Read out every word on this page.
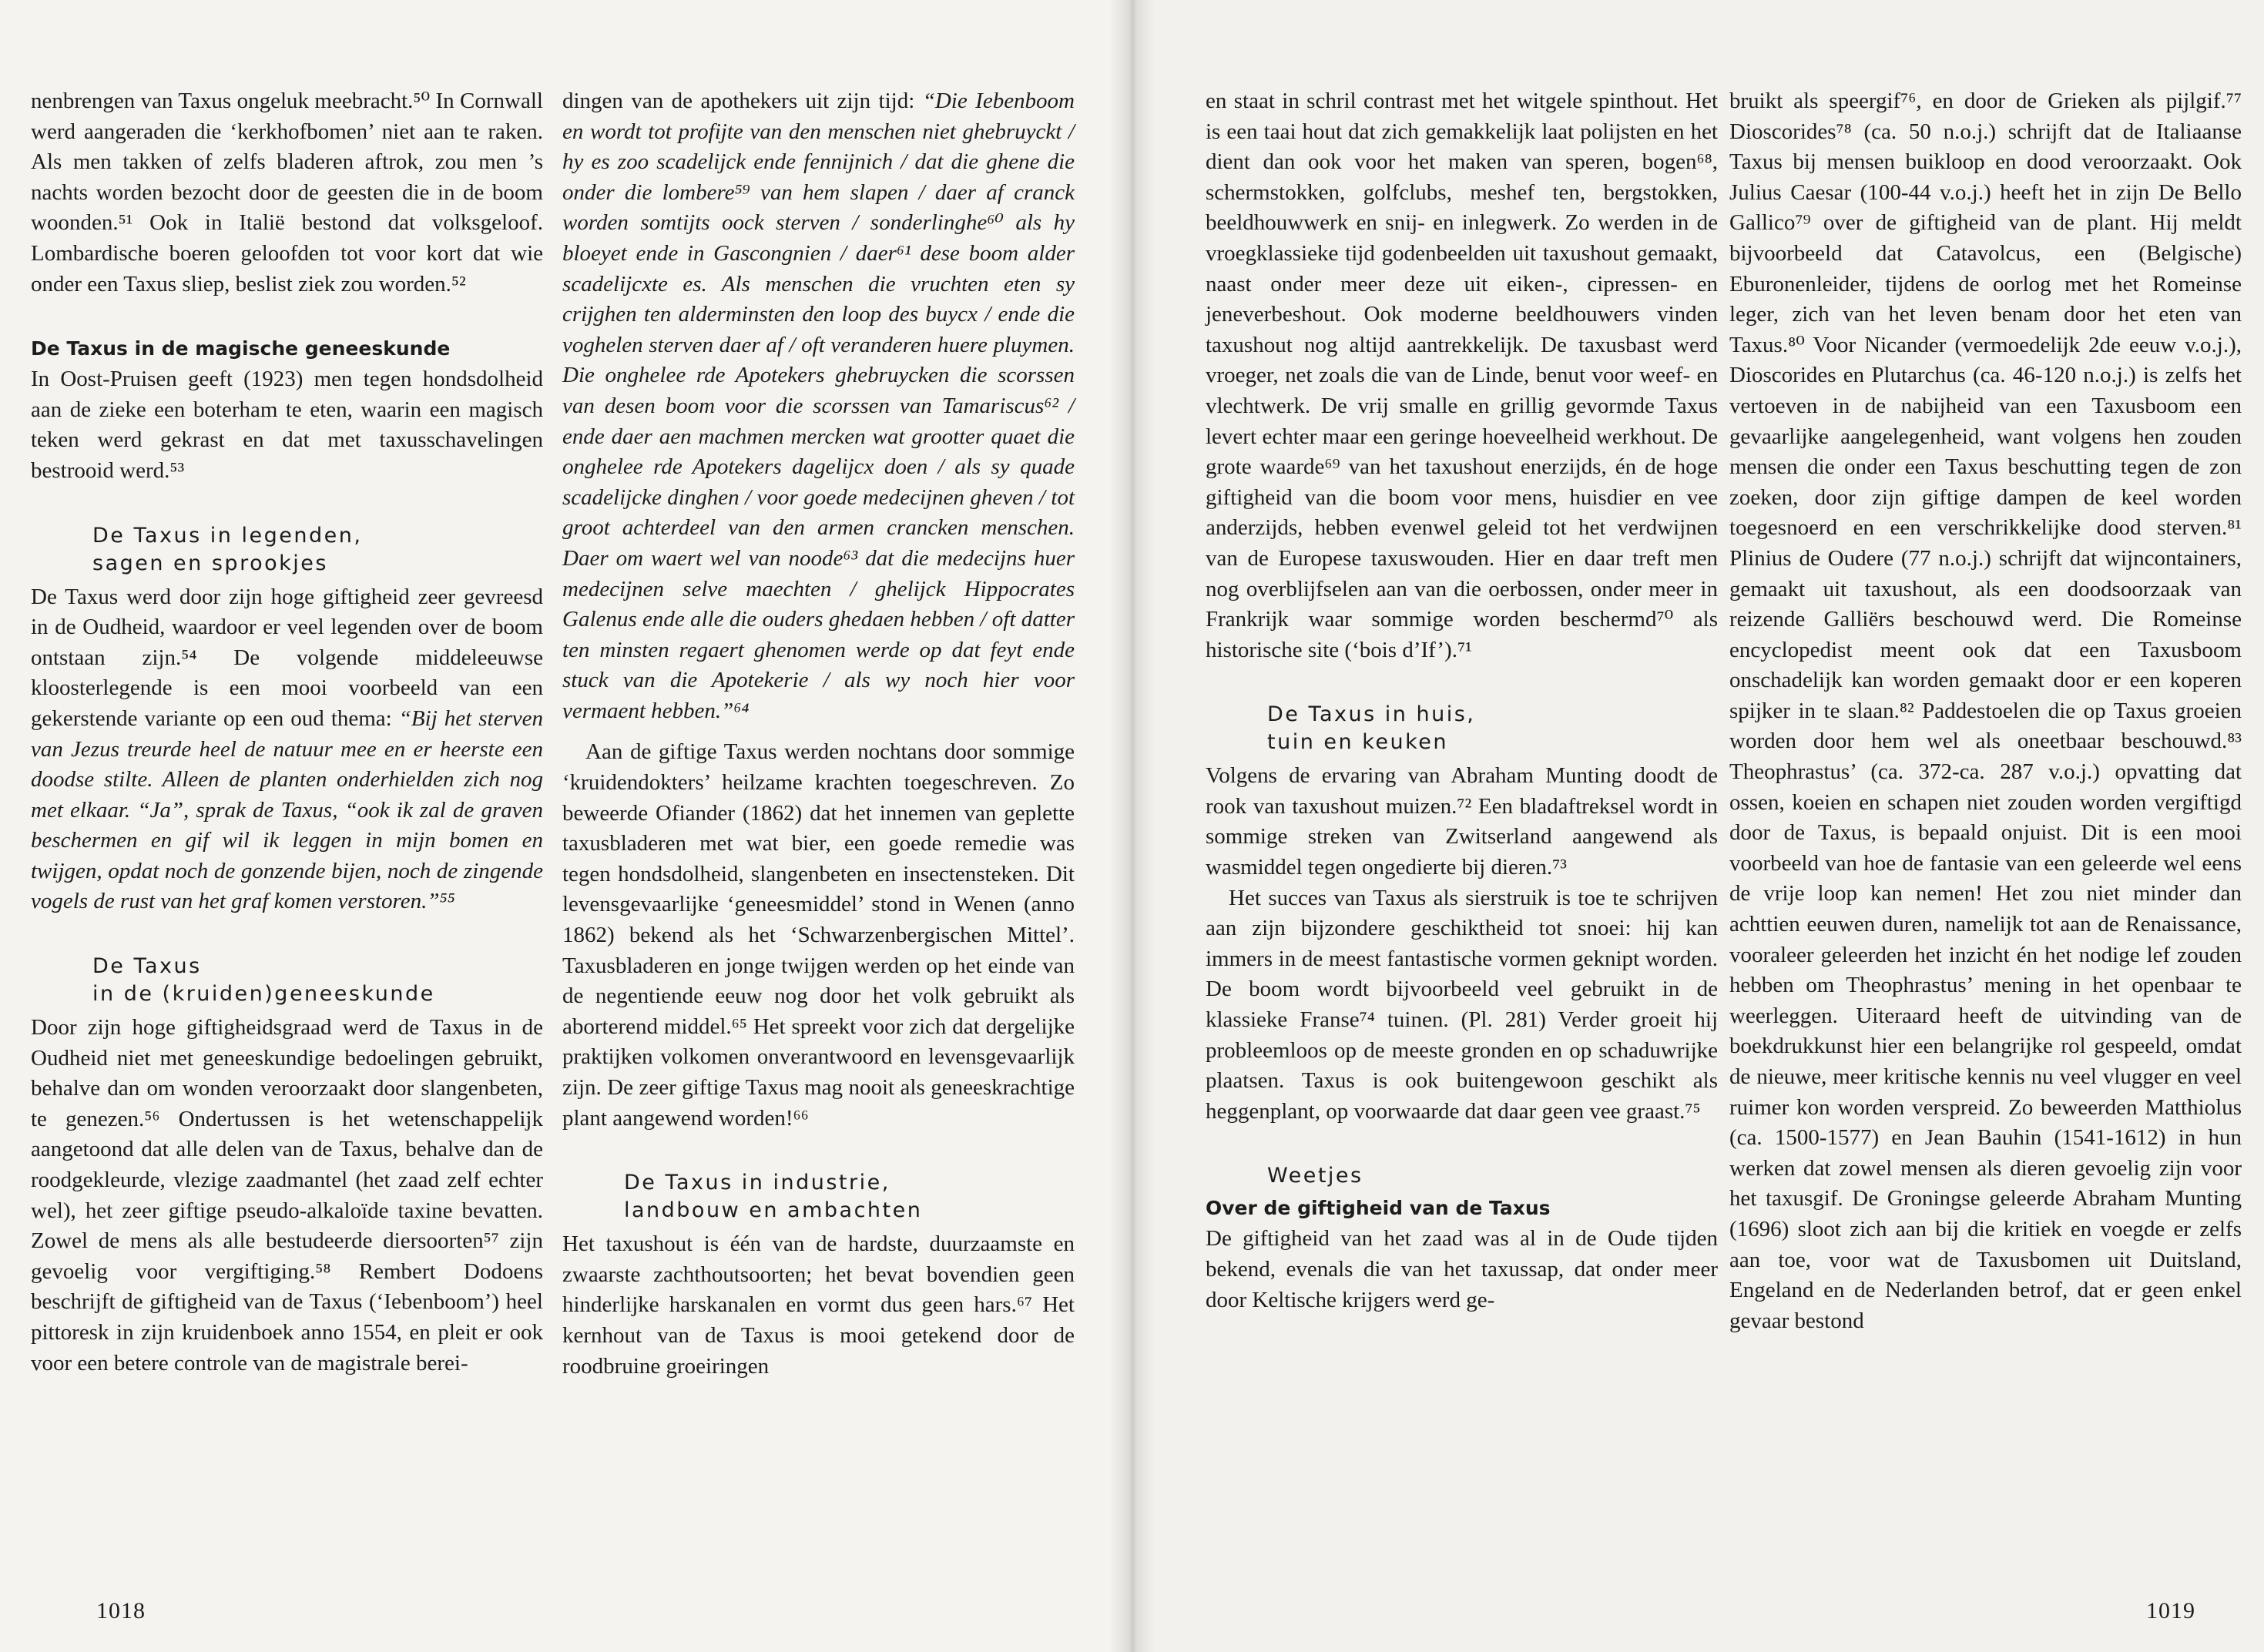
nenbrengen van Taxus ongeluk meebracht.⁵⁰ In Cornwall werd aangeraden die ‘kerkhofbomen’ niet aan te raken. Als men takken of zelfs bladeren aftrok, zou men ’s nachts worden bezocht door de geesten die in de boom woonden.⁵¹ Ook in Italië bestond dat volksgeloof. Lombardische boeren geloofden tot voor kort dat wie onder een Taxus sliep, beslist ziek zou worden.⁵²

De Taxus in de magische geneeskunde

In Oost-Pruisen geeft (1923) men tegen hondsdolheid aan de zieke een boterham te eten, waarin een magisch teken werd gekrast en dat met taxusschavelingen bestrooid werd.⁵³

De Taxus in legenden,
sagen en sprookjes

De Taxus werd door zijn hoge giftigheid zeer gevreesd in de Oudheid, waardoor er veel legenden over de boom ontstaan zijn.⁵⁴ De volgende middeleeuwse kloosterlegende is een mooi voorbeeld van een gekerstende variante op een oud thema: “Bij het sterven van Jezus treurde heel de natuur mee en er heerste een doodse stilte. Alleen de planten onderhielden zich nog met elkaar. “Ja”, sprak de Taxus, “ook ik zal de graven beschermen en gif wil ik leggen in mijn bomen en twijgen, opdat noch de gonzende bijen, noch de zingende vogels de rust van het graf komen verstoren.”⁵⁵

De Taxus
in de (kruiden)geneeskunde

Door zijn hoge giftigheidsgraad werd de Taxus in de Oudheid niet met geneeskundige bedoelingen gebruikt, behalve dan om wonden veroorzaakt door slangenbeten, te genezen.⁵⁶ Ondertussen is het wetenschappelijk aangetoond dat alle delen van de Taxus, behalve dan de roodgekleurde, vlezige zaadmantel (het zaad zelf echter wel), het zeer giftige pseudo-alkaloïde taxine bevatten. Zowel de mens als alle bestudeerde diersoorten⁵⁷ zijn gevoelig voor vergiftiging.⁵⁸ Rembert Dodoens beschrijft de giftigheid van de Taxus (‘Iebenboom’) heel pittoresk in zijn kruidenboek anno 1554, en pleit er ook voor een betere controle van de magistrale berei-

dingen van de apothekers uit zijn tijd: “Die Iebenboom en wordt tot profijte van den menschen niet ghebruyckt / hy es zoo scadelijck ende fennijnich / dat die ghene die onder die lombere⁵⁹ van hem slapen / daer af cranck worden somtijts oock sterven / sonderlinghe⁶⁰ als hy bloeyet ende in Gascongnien / daer⁶¹ dese boom alder scadelijcxte es. Als menschen die vruchten eten sy crijghen ten alderminsten den loop des buycx / ende die voghelen sterven daer af / oft veranderen huere pluymen. Die onghelee rde Apotekers ghebruycken die scorssen van desen boom voor die scorssen van Tamariscus⁶² / ende daer aen machmen mercken wat grootter quaet die onghelee rde Apotekers dagelijcx doen / als sy quade scadelijcke dinghen / voor goede medecijnen gheven / tot groot achterdeel van den armen crancken menschen. Daer om waert wel van noode⁶³ dat die medecijns huer medecijnen selve maechten / ghelijck Hippocrates Galenus ende alle die ouders ghedaen hebben / oft datter ten minsten regaert ghenomen werde op dat feyt ende stuck van die Apotekerie / als wy noch hier voor vermaent hebben.”⁶⁴

Aan de giftige Taxus werden nochtans door sommige ‘kruidendokters’ heilzame krachten toegeschreven. Zo beweerde Ofiander (1862) dat het innemen van geplette taxusbladeren met wat bier, een goede remedie was tegen hondsdolheid, slangenbeten en insectensteken. Dit levensgevaarlijke ‘geneesmiddel’ stond in Wenen (anno 1862) bekend als het ‘Schwarzenbergischen Mittel’. Taxusbladeren en jonge twijgen werden op het einde van de negentiende eeuw nog door het volk gebruikt als aborterend middel.⁶⁵ Het spreekt voor zich dat dergelijke praktijken volkomen onverantwoord en levensgevaarlijk zijn. De zeer giftige Taxus mag nooit als geneeskrachtige plant aangewend worden!⁶⁶

De Taxus in industrie,
landbouw en ambachten

Het taxushout is één van de hardste, duurzaamste en zwaarste zachthoutsoorten; het bevat bovendien geen hinderlijke harskanalen en vormt dus geen hars.⁶⁷ Het kernhout van de Taxus is mooi getekend door de roodbruine groeiringen

en staat in schril contrast met het witgele spinthout. Het is een taai hout dat zich gemakkelijk laat polijsten en het dient dan ook voor het maken van speren, bogen⁶⁸, schermstokken, golfclubs, meshef ten, bergstokken, beeldhouwwerk en snij- en inlegwerk. Zo werden in de vroegklassieke tijd godenbeelden uit taxushout gemaakt, naast onder meer deze uit eiken-, cipressen- en jeneverbeshout. Ook moderne beeldhouwers vinden taxushout nog altijd aantrekkelijk. De taxusbast werd vroeger, net zoals die van de Linde, benut voor weef- en vlechtwerk. De vrij smalle en grillig gevormde Taxus levert echter maar een geringe hoeveelheid werkhout. De grote waarde⁶⁹ van het taxushout enerzijds, én de hoge giftigheid van die boom voor mens, huisdier en vee anderzijds, hebben evenwel geleid tot het verdwijnen van de Europese taxuswouden. Hier en daar treft men nog overblijfselen aan van die oerbossen, onder meer in Frankrijk waar sommige worden beschermd⁷⁰ als historische site (‘bois d’If’).⁷¹

De Taxus in huis,
tuin en keuken

Volgens de ervaring van Abraham Munting doodt de rook van taxushout muizen.⁷² Een bladaftreksel wordt in sommige streken van Zwitserland aangewend als wasmiddel tegen ongedierte bij dieren.⁷³

Het succes van Taxus als sierstruik is toe te schrijven aan zijn bijzondere geschiktheid tot snoei: hij kan immers in de meest fantastische vormen geknipt worden. De boom wordt bijvoorbeeld veel gebruikt in de klassieke Franse⁷⁴ tuinen. (Pl. 281) Verder groeit hij probleemloos op de meeste gronden en op schaduwrijke plaatsen. Taxus is ook buitengewoon geschikt als heggenplant, op voorwaarde dat daar geen vee graast.⁷⁵

Weetjes
Over de giftigheid van de Taxus

De giftigheid van het zaad was al in de Oude tijden bekend, evenals die van het taxussap, dat onder meer door Keltische krijgers werd ge-

bruikt als speergif⁷⁶, en door de Grieken als pijlgif.⁷⁷ Dioscorides⁷⁸ (ca. 50 n.o.j.) schrijft dat de Italiaanse Taxus bij mensen buikloop en dood veroorzaakt. Ook Julius Caesar (100-44 v.o.j.) heeft het in zijn De Bello Gallico⁷⁹ over de giftigheid van de plant. Hij meldt bijvoorbeeld dat Catavolcus, een (Belgische) Eburonenleider, tijdens de oorlog met het Romeinse leger, zich van het leven benam door het eten van Taxus.⁸⁰ Voor Nicander (vermoedelijk 2de eeuw v.o.j.), Dioscorides en Plutarchus (ca. 46-120 n.o.j.) is zelfs het vertoeven in de nabijheid van een Taxusboom een gevaarlijke aangelegenheid, want volgens hen zouden mensen die onder een Taxus beschutting tegen de zon zoeken, door zijn giftige dampen de keel worden toegesnoerd en een verschrikkelijke dood sterven.⁸¹ Plinius de Oudere (77 n.o.j.) schrijft dat wijncontainers, gemaakt uit taxushout, als een doodsoorzaak van reizende Galliërs beschouwd werd. Die Romeinse encyclopedist meent ook dat een Taxusboom onschadelijk kan worden gemaakt door er een koperen spijker in te slaan.⁸² Paddestoelen die op Taxus groeien worden door hem wel als oneetbaar beschouwd.⁸³ Theophrastus’ (ca. 372-ca. 287 v.o.j.) opvatting dat ossen, koeien en schapen niet zouden worden vergiftigd door de Taxus, is bepaald onjuist. Dit is een mooi voorbeeld van hoe de fantasie van een geleerde wel eens de vrije loop kan nemen! Het zou niet minder dan achttien eeuwen duren, namelijk tot aan de Renaissance, vooraleer geleerden het inzicht én het nodige lef zouden hebben om Theophrastus’ mening in het openbaar te weerleggen. Uiteraard heeft de uitvinding van de boekdrukkunst hier een belangrijke rol gespeeld, omdat de nieuwe, meer kritische kennis nu veel vlugger en veel ruimer kon worden verspreid. Zo beweerden Matthiolus (ca. 1500-1577) en Jean Bauhin (1541-1612) in hun werken dat zowel mensen als dieren gevoelig zijn voor het taxusgif. De Groningse geleerde Abraham Munting (1696) sloot zich aan bij die kritiek en voegde er zelfs aan toe, voor wat de Taxusbomen uit Duitsland, Engeland en de Nederlanden betrof, dat er geen enkel gevaar bestond

1018	1019
